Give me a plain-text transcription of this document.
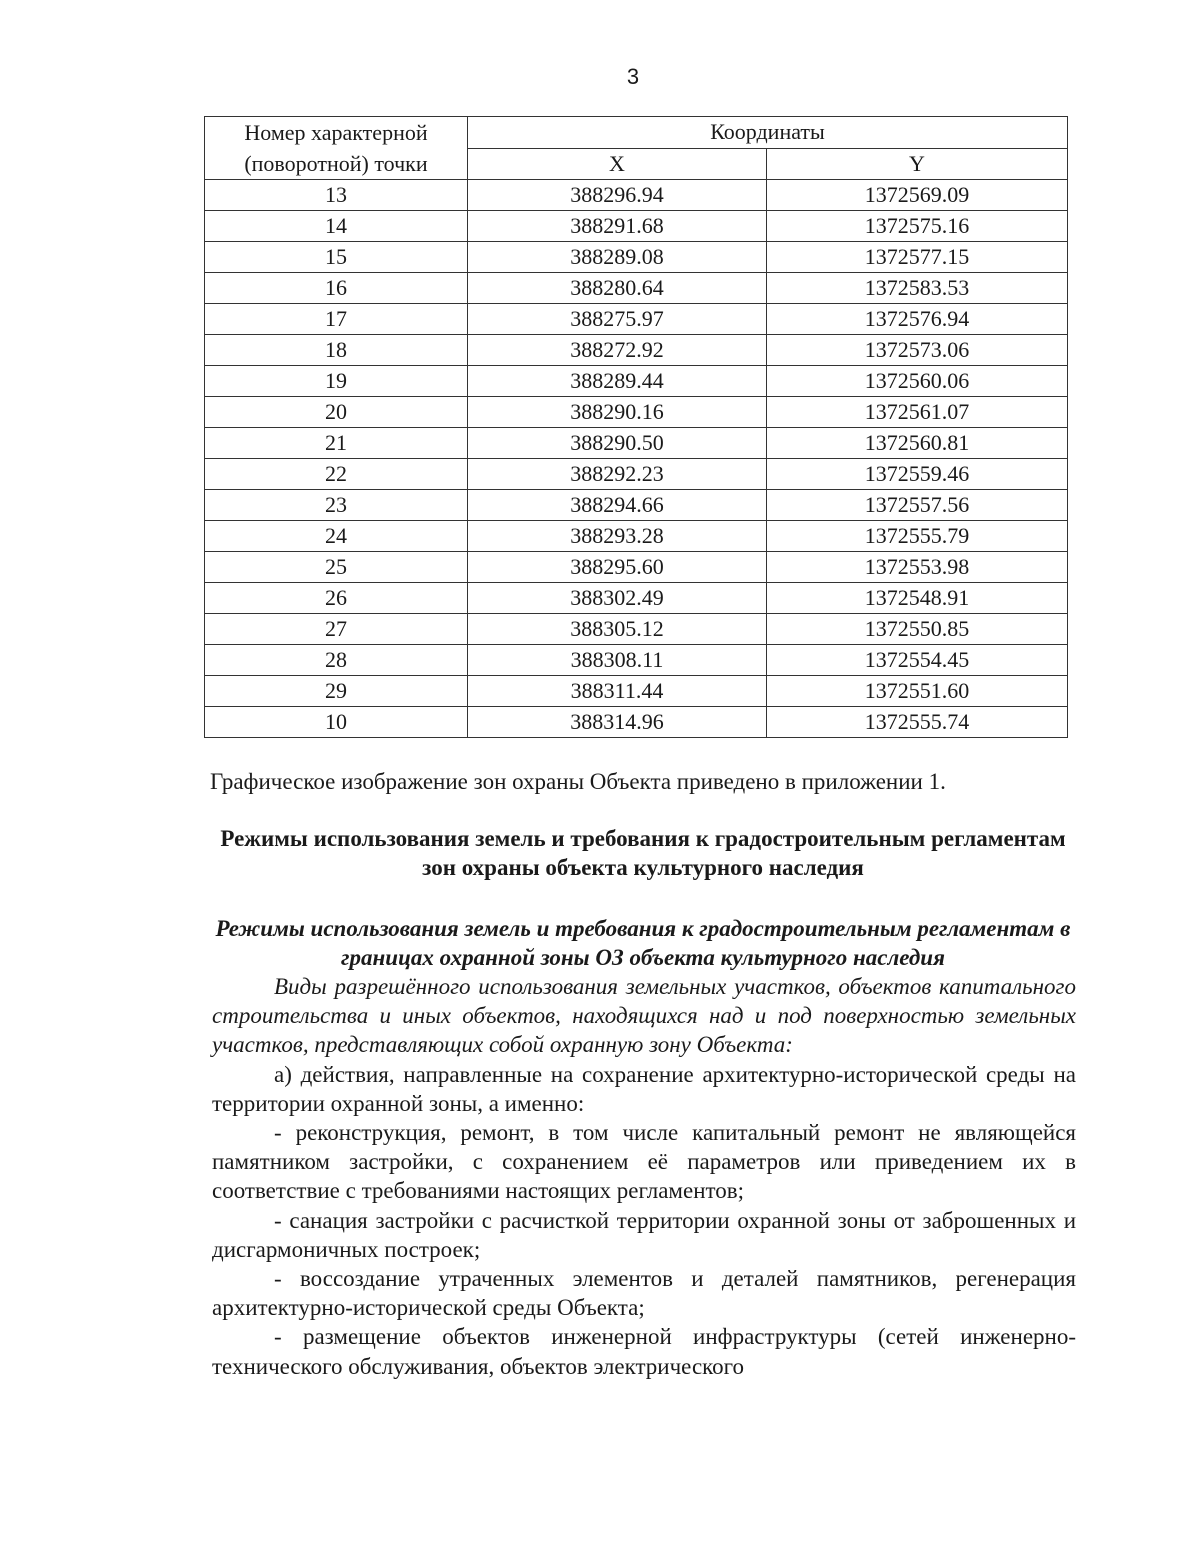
3
Номер характерной (поворотной) точки	Координаты	
	X	Y
13	388296.94	1372569.09
14	388291.68	1372575.16
15	388289.08	1372577.15
16	388280.64	1372583.53
17	388275.97	1372576.94
18	388272.92	1372573.06
19	388289.44	1372560.06
20	388290.16	1372561.07
21	388290.50	1372560.81
22	388292.23	1372559.46
23	388294.66	1372557.56
24	388293.28	1372555.79
25	388295.60	1372553.98
26	388302.49	1372548.91
27	388305.12	1372550.85
28	388308.11	1372554.45
29	388311.44	1372551.60
10	388314.96	1372555.74
Графическое изображение зон охраны Объекта приведено в приложении 1.
Режимы использования земель и требования к градостроительным регламентам зон охраны объекта культурного наследия
Режимы использования земель и требования к градостроительным регламентам в границах охранной зоны ОЗ объекта культурного наследия

Виды разрешённого использования земельных участков, объектов капитального строительства и иных объектов, находящихся над и под поверхностью земельных участков, представляющих собой охранную зону Объекта:

а) действия, направленные на сохранение архитектурно-исторической среды на территории охранной зоны, а именно:

- реконструкция, ремонт, в том числе капитальный ремонт не являющейся памятником застройки, с сохранением её параметров или приведением их в соответствие с требованиями настоящих регламентов;

- санация застройки с расчисткой территории охранной зоны от заброшенных и дисгармоничных построек;

- воссоздание утраченных элементов и деталей памятников, регенерация архитектурно-исторической среды Объекта;

- размещение объектов инженерной инфраструктуры (сетей инженерно-технического обслуживания, объектов электрического
